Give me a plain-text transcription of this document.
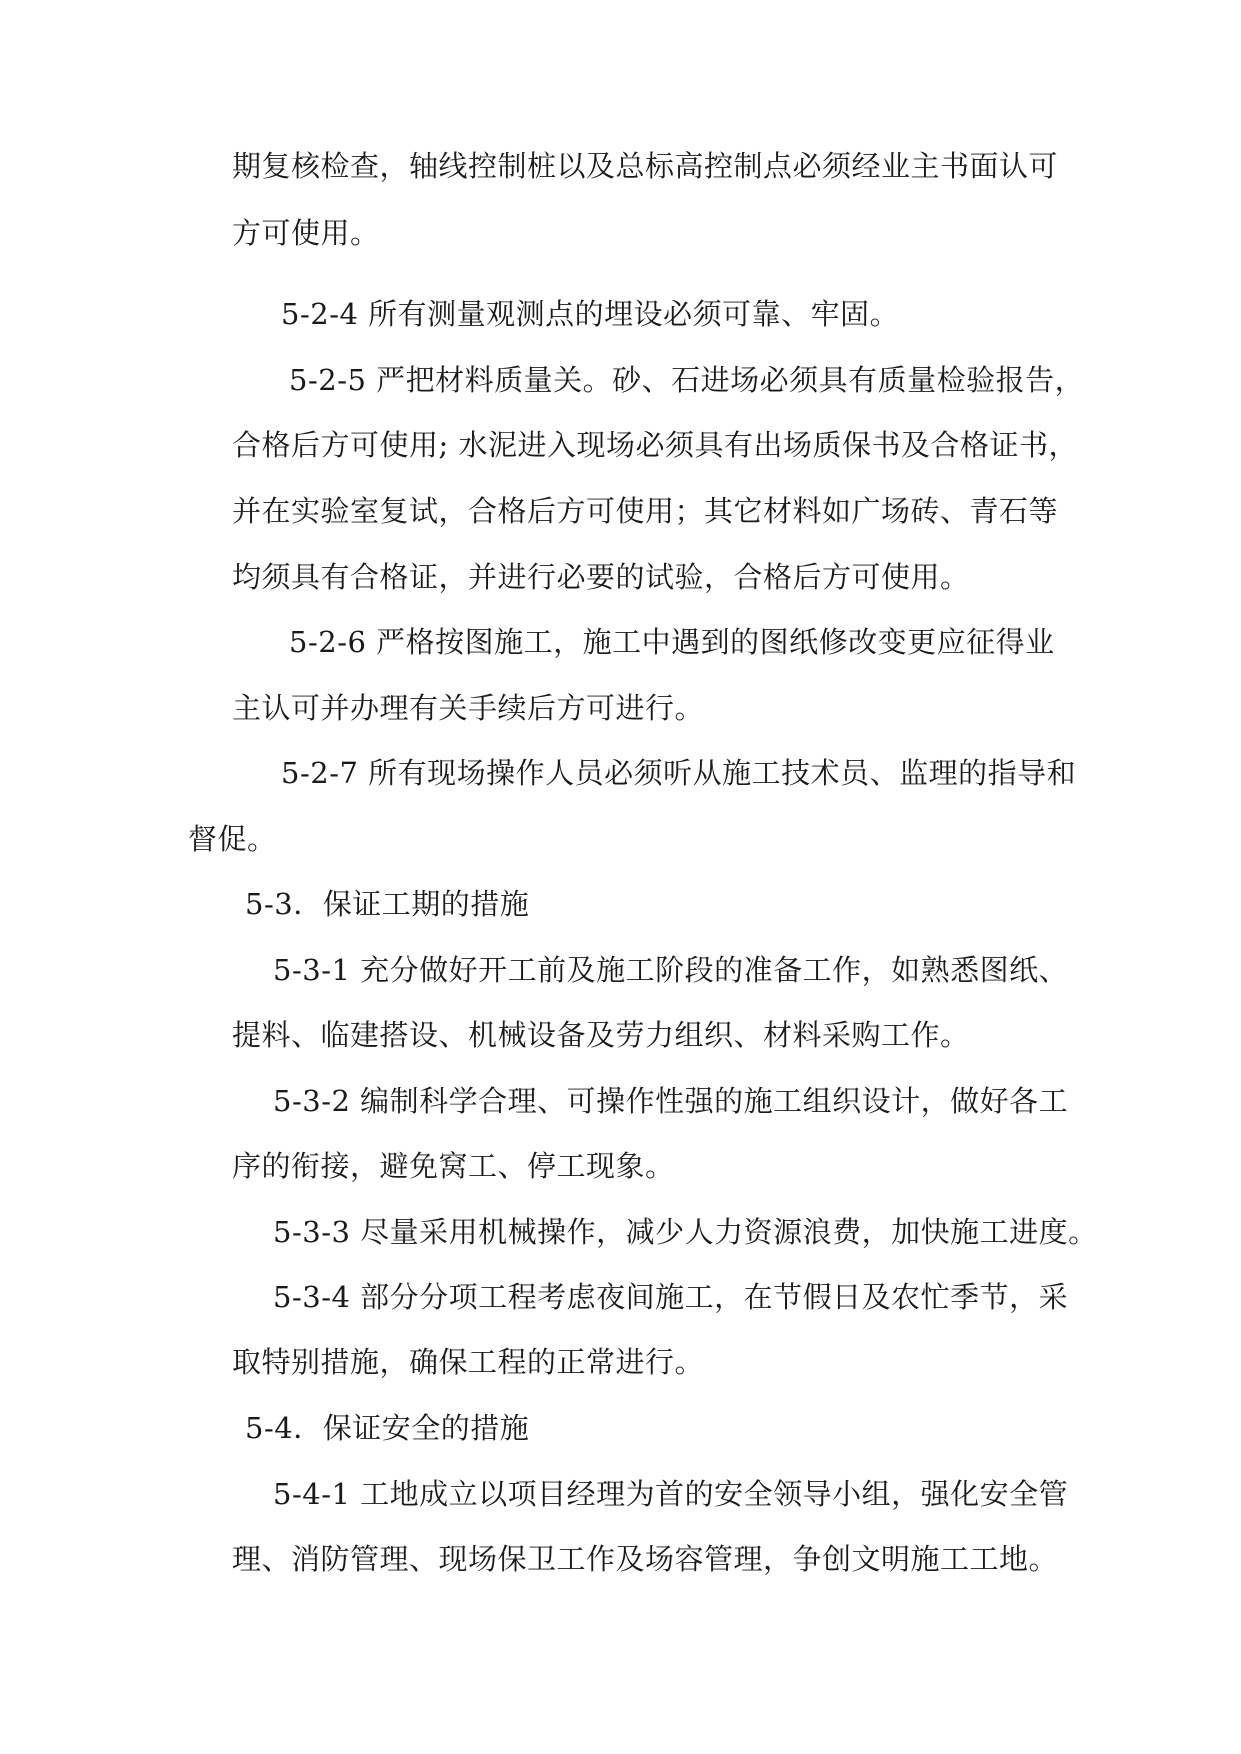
期复核检查，轴线控制桩以及总标高控制点必须经业主书面认可
方可使用。
5-2-4 所有测量观测点的埋设必须可靠、牢固。
5-2-5 严把材料质量关。砂、石进场必须具有质量检验报告，
合格后方可使用; 水泥进入现场必须具有出场质保书及合格证书，
并在实验室复试，合格后方可使用；其它材料如广场砖、青石等
均须具有合格证，并进行必要的试验，合格后方可使用。
5-2-6 严格按图施工，施工中遇到的图纸修改变更应征得业
主认可并办理有关手续后方可进行。
5-2-7 所有现场操作人员必须听从施工技术员、监理的指导和
督促。
5-3．保证工期的措施
5-3-1 充分做好开工前及施工阶段的准备工作，如熟悉图纸、
提料、临建搭设、机械设备及劳力组织、材料采购工作。
5-3-2 编制科学合理、可操作性强的施工组织设计，做好各工
序的衔接，避免窝工、停工现象。
5-3-3 尽量采用机械操作，减少人力资源浪费，加快施工进度。
5-3-4 部分分项工程考虑夜间施工，在节假日及农忙季节，采
取特别措施，确保工程的正常进行。
5-4．保证安全的措施
5-4-1 工地成立以项目经理为首的安全领导小组，强化安全管
理、消防管理、现场保卫工作及场容管理，争创文明施工工地。
